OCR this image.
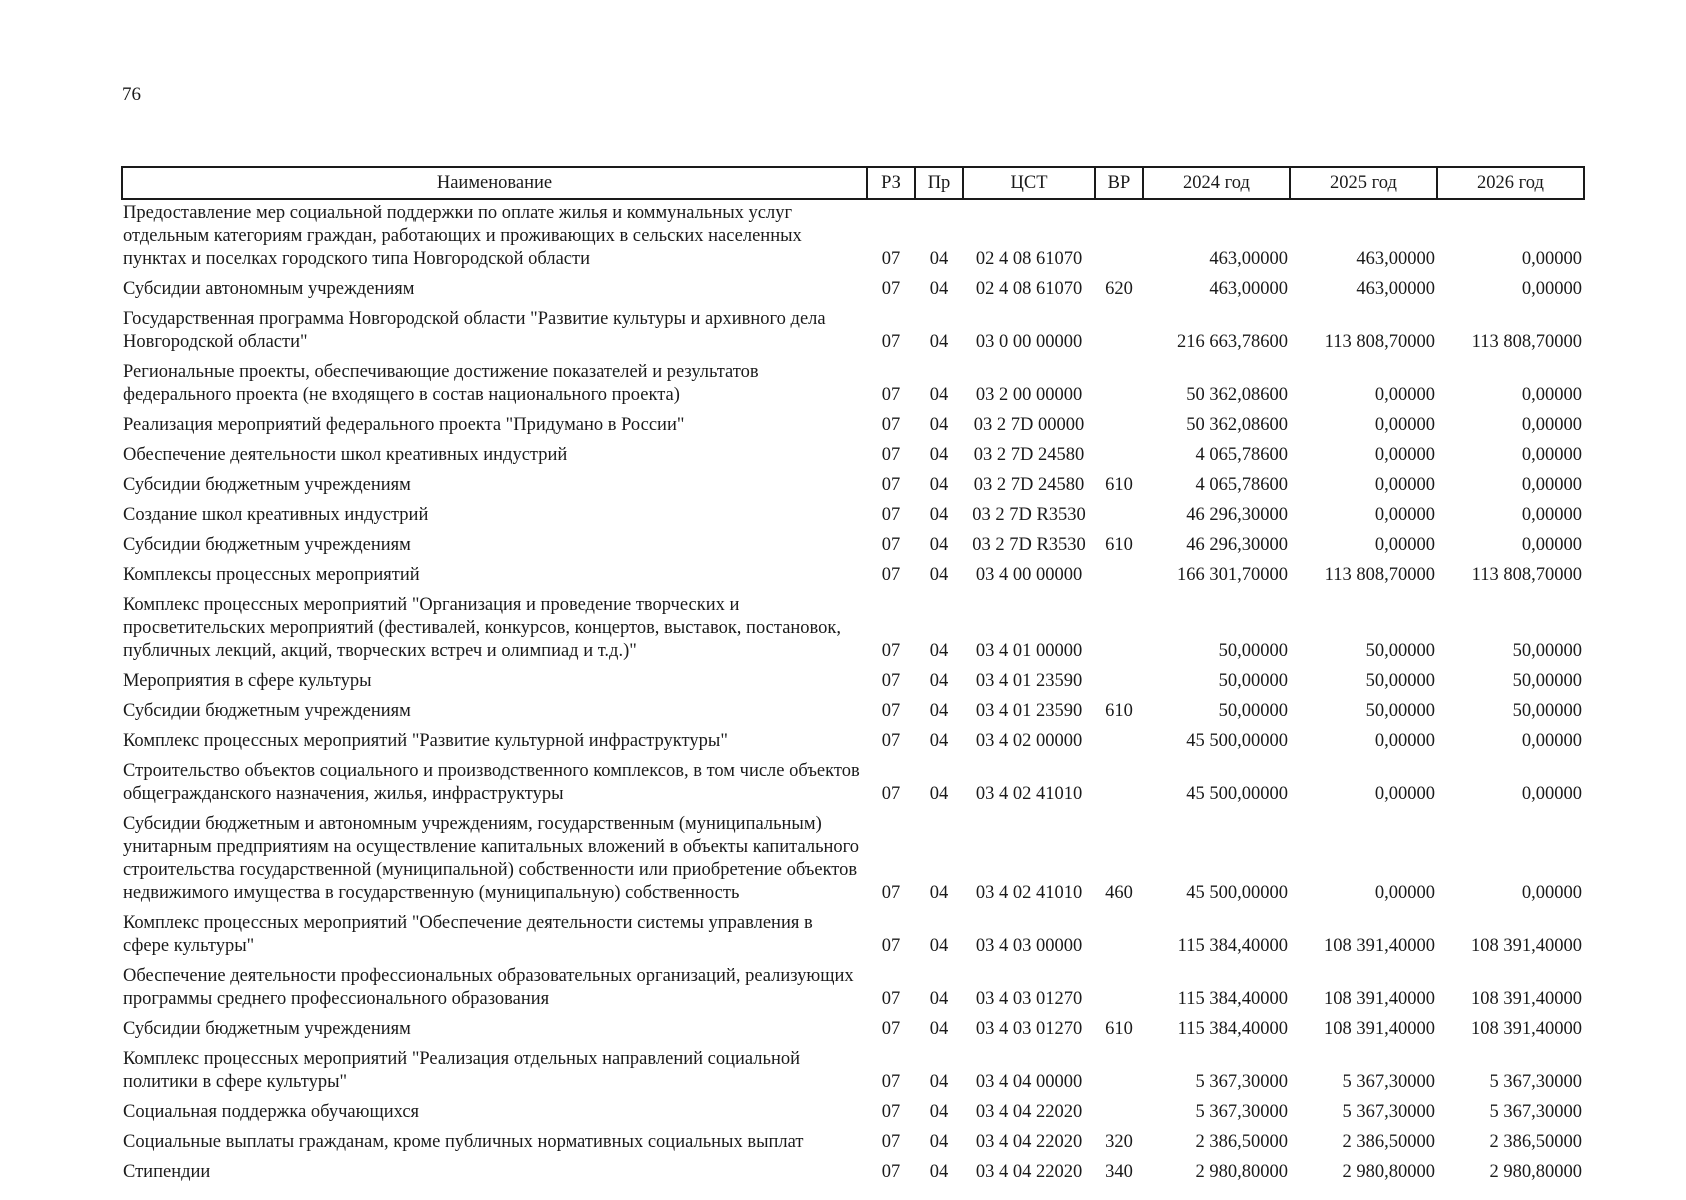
76
Наименование	РЗ	Пр	ЦСТ	ВР	2024 год	2025 год	2026 год
Предоставление мер социальной поддержки по оплате жилья и коммунальных услуг отдельным категориям граждан, работающих и проживающих в сельских населенных пунктах и поселках городского типа Новгородской области	07	04	02 4 08 61070		463,00000	463,00000	0,00000
Субсидии автономным учреждениям	07	04	02 4 08 61070	620	463,00000	463,00000	0,00000
Государственная программа Новгородской области "Развитие культуры и архивного дела Новгородской области"	07	04	03 0 00 00000		216 663,78600	113 808,70000	113 808,70000
Региональные проекты, обеспечивающие достижение показателей и результатов федерального проекта (не входящего в состав национального проекта)	07	04	03 2 00 00000		50 362,08600	0,00000	0,00000
Реализация мероприятий федерального проекта "Придумано в России"	07	04	03 2 7D 00000		50 362,08600	0,00000	0,00000
Обеспечение деятельности школ креативных индустрий	07	04	03 2 7D 24580		4 065,78600	0,00000	0,00000
Субсидии бюджетным учреждениям	07	04	03 2 7D 24580	610	4 065,78600	0,00000	0,00000
Создание школ креативных индустрий	07	04	03 2 7D R3530		46 296,30000	0,00000	0,00000
Субсидии бюджетным учреждениям	07	04	03 2 7D R3530	610	46 296,30000	0,00000	0,00000
Комплексы процессных мероприятий	07	04	03 4 00 00000		166 301,70000	113 808,70000	113 808,70000
Комплекс процессных мероприятий "Организация и проведение творческих и просветительских мероприятий (фестивалей, конкурсов, концертов, выставок, постановок, публичных лекций, акций, творческих встреч и олимпиад и т.д.)"	07	04	03 4 01 00000		50,00000	50,00000	50,00000
Мероприятия в сфере культуры	07	04	03 4 01 23590		50,00000	50,00000	50,00000
Субсидии бюджетным учреждениям	07	04	03 4 01 23590	610	50,00000	50,00000	50,00000
Комплекс процессных мероприятий "Развитие культурной инфраструктуры"	07	04	03 4 02 00000		45 500,00000	0,00000	0,00000
Строительство объектов социального и производственного комплексов, в том числе объектов общегражданского назначения, жилья, инфраструктуры	07	04	03 4 02 41010		45 500,00000	0,00000	0,00000
Субсидии бюджетным и автономным учреждениям, государственным (муниципальным) унитарным предприятиям на осуществление капитальных вложений в объекты капитального строительства государственной (муниципальной) собственности или приобретение объектов недвижимого имущества в государственную (муниципальную) собственность	07	04	03 4 02 41010	460	45 500,00000	0,00000	0,00000
Комплекс процессных мероприятий "Обеспечение деятельности системы управления в сфере культуры"	07	04	03 4 03 00000		115 384,40000	108 391,40000	108 391,40000
Обеспечение деятельности профессиональных образовательных организаций, реализующих программы среднего профессионального образования	07	04	03 4 03 01270		115 384,40000	108 391,40000	108 391,40000
Субсидии бюджетным учреждениям	07	04	03 4 03 01270	610	115 384,40000	108 391,40000	108 391,40000
Комплекс процессных мероприятий "Реализация отдельных направлений социальной политики в сфере культуры"	07	04	03 4 04 00000		5 367,30000	5 367,30000	5 367,30000
Социальная поддержка обучающихся	07	04	03 4 04 22020		5 367,30000	5 367,30000	5 367,30000
Социальные выплаты гражданам, кроме публичных нормативных социальных выплат	07	04	03 4 04 22020	320	2 386,50000	2 386,50000	2 386,50000
Стипендии	07	04	03 4 04 22020	340	2 980,80000	2 980,80000	2 980,80000
